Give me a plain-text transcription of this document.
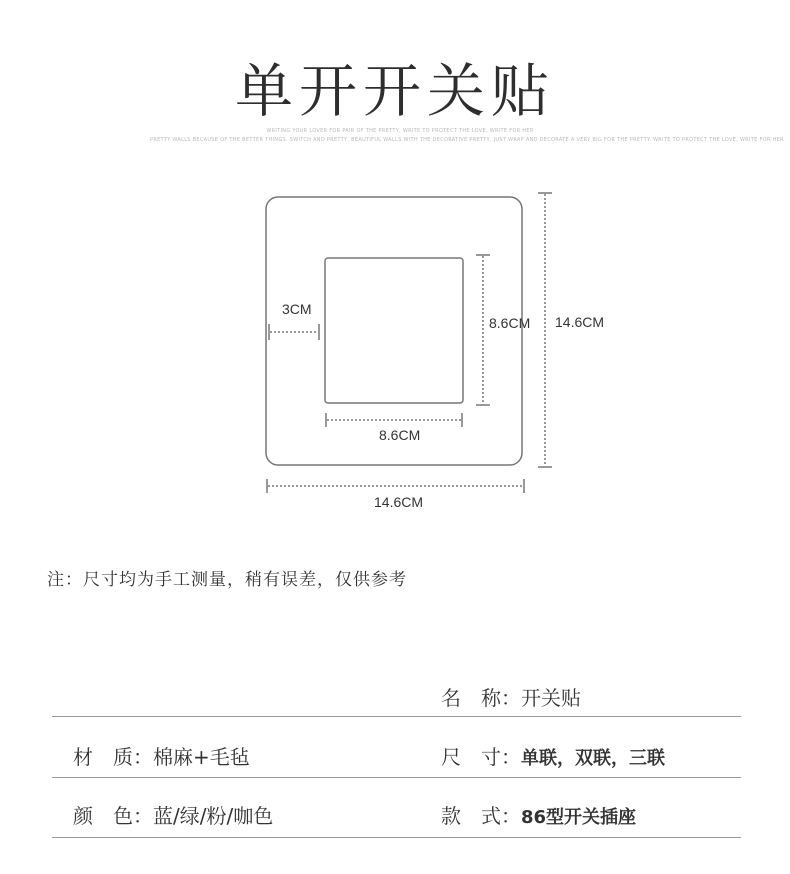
单开开关贴
WRITING YOUR LOVER FOR PAIR OF THE PRETTY, WRITE TO PROTECT THE LOVE, WRITE FOR HER
PRETTY WALLS BECAUSE OF THE BETTER THINGS. SWITCH AND PRETTY, BEAUTIFUL WALLS WITH THE DECORATIVE PRETTY, JUST WRAP AND DECORATE A VERY BIG FOR THE PRETTY. WRITE TO PROTECT THE LOVE, WRITE FOR HER
3CM
8.6CM 14.6CM
8.6CM
14.6CM
注：尺寸均为手工测量，稍有误差，仅供参考
名　称：开关贴
材　质：棉麻+毛毡	尺　寸：单联，双联，三联
颜　色：蓝/绿/粉/咖色	款　式：86型开关插座
